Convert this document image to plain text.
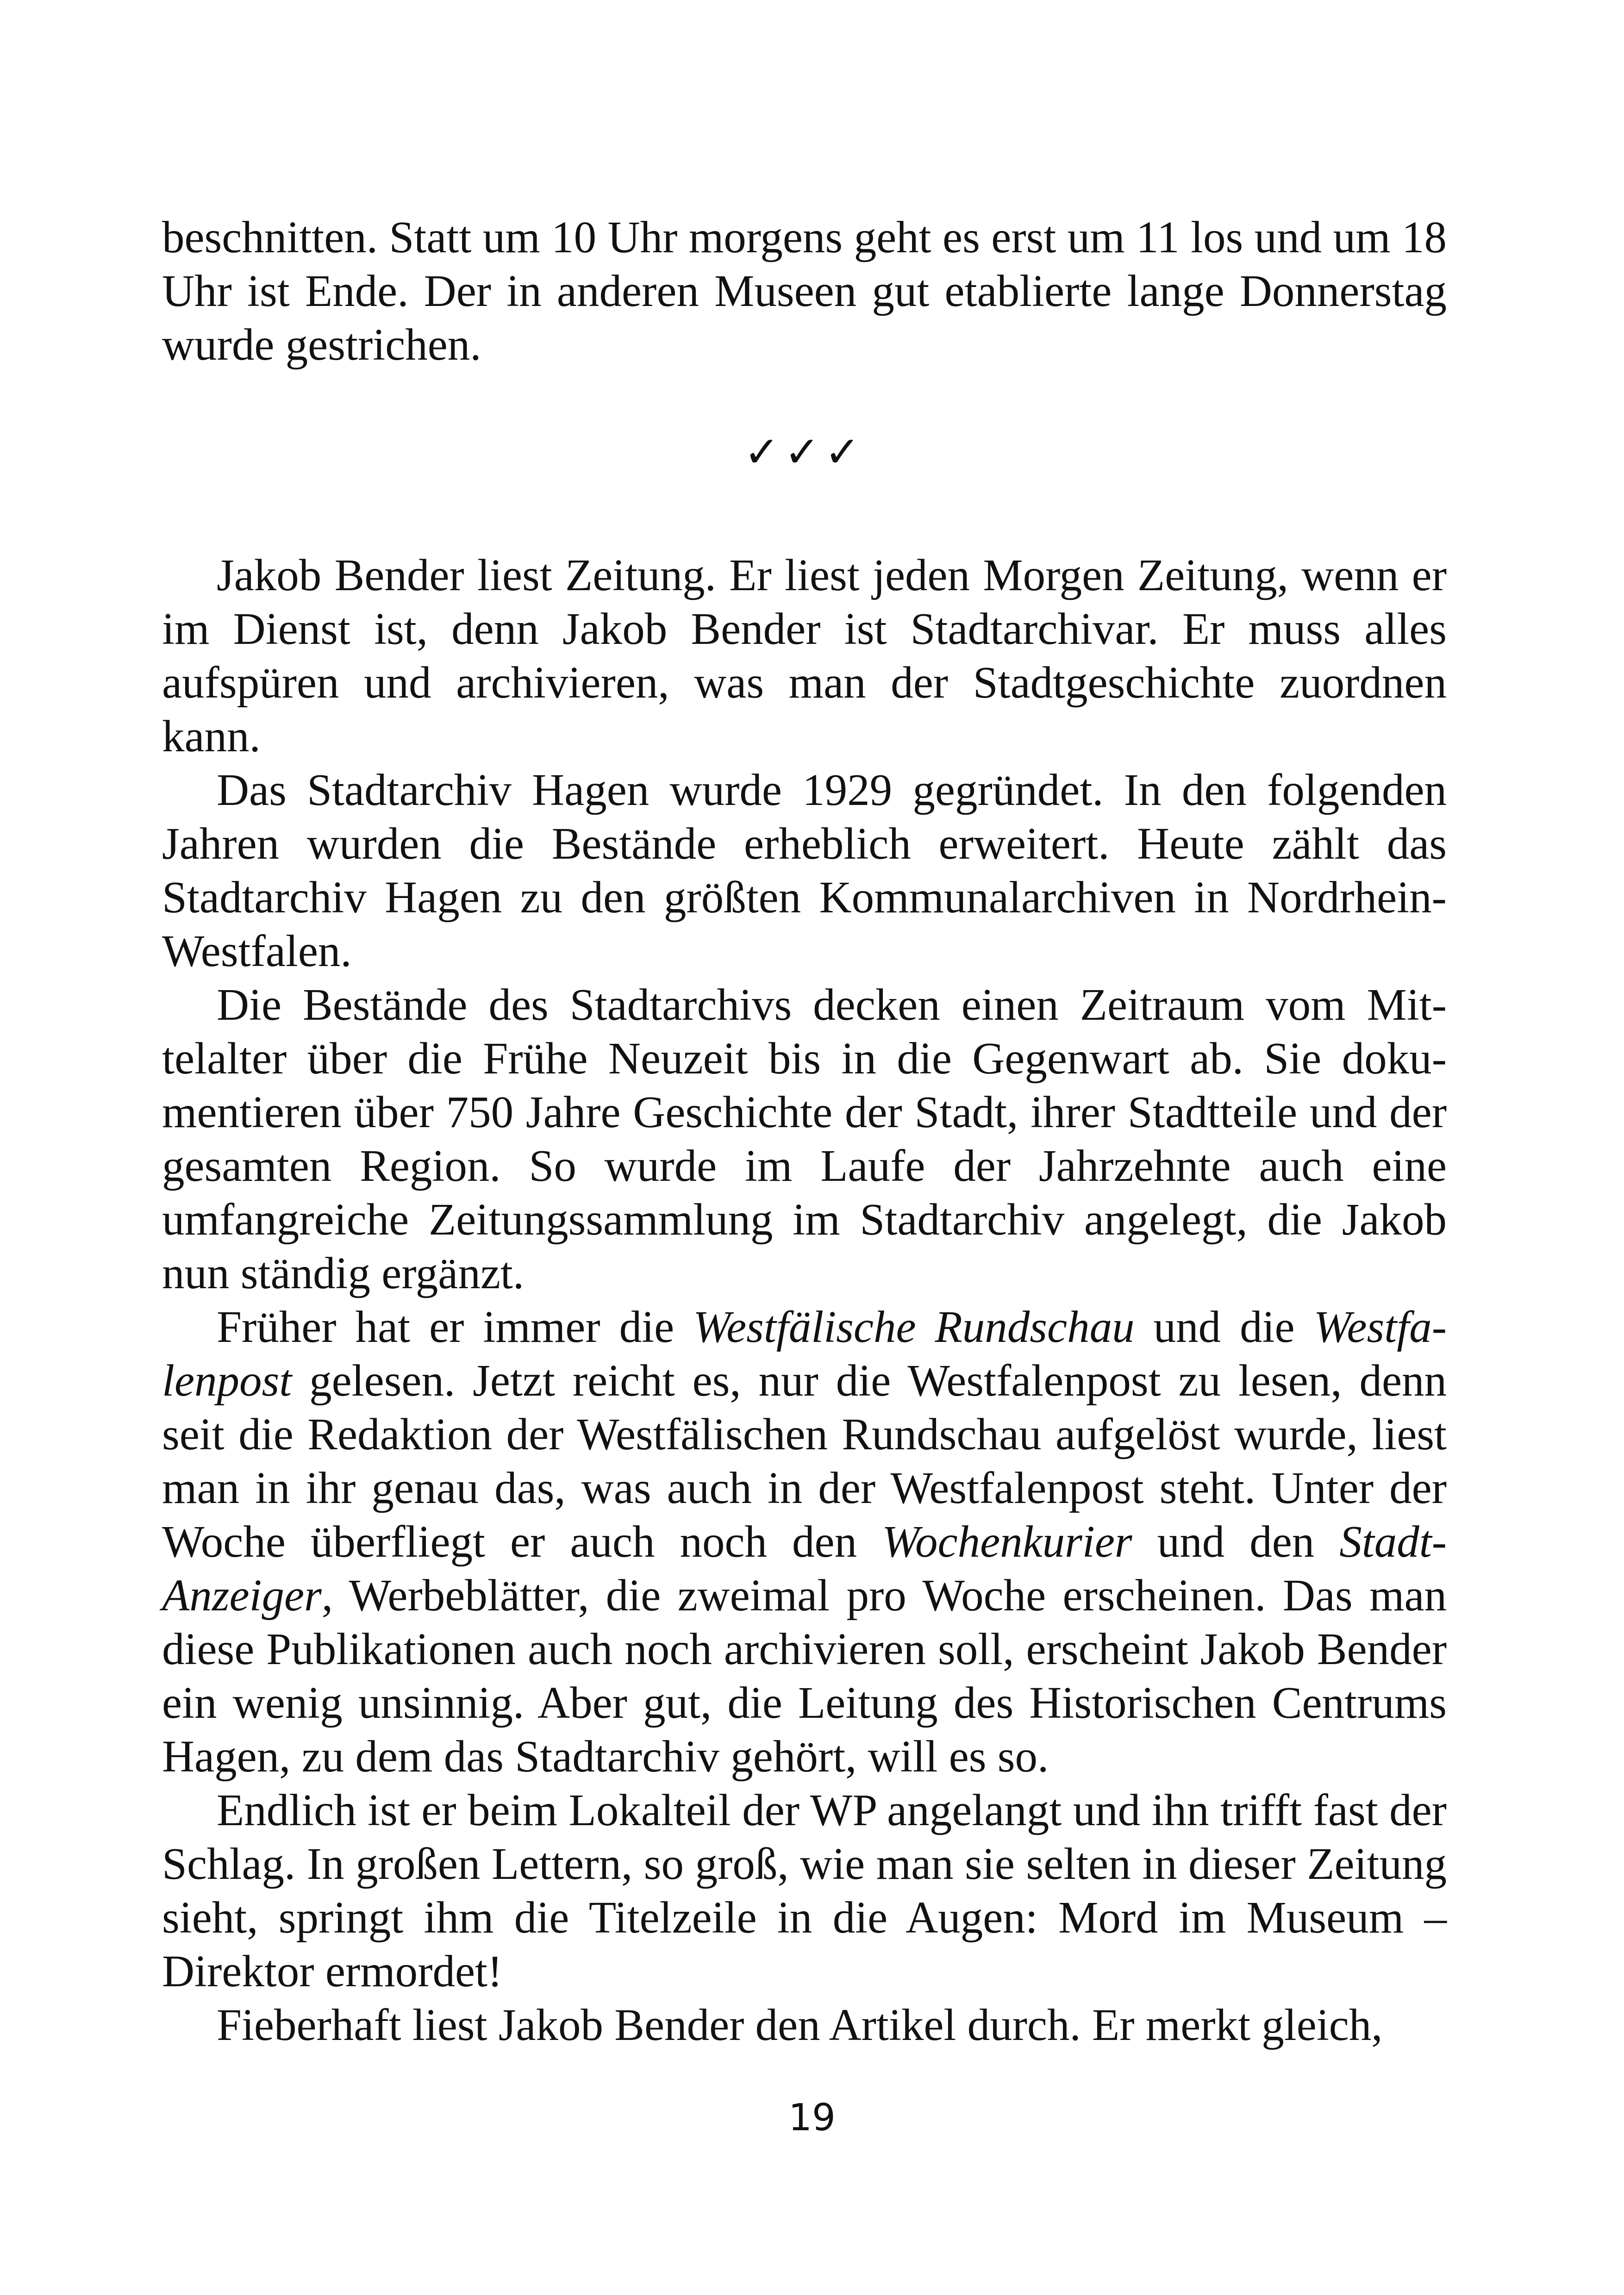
beschnitten. Statt um 10 Uhr morgens geht es erst um 11 los und um 18 Uhr ist Ende. Der in anderen Museen gut etablierte lange Donnerstag wurde gestrichen.

✓✓✓

Jakob Bender liest Zeitung. Er liest jeden Morgen Zeitung, wenn er im Dienst ist, denn Jakob Bender ist Stadtarchivar. Er muss alles aufspüren und archivieren, was man der Stadtgeschichte zuordnen kann.

Das Stadtarchiv Hagen wurde 1929 gegründet. In den folgenden Jahren wurden die Bestände erheblich erweitert. Heute zählt das Stadtarchiv Hagen zu den größten Kommunalarchiven in Nordrhein-Westfalen.

Die Bestände des Stadtarchivs decken einen Zeitraum vom Mittelalter über die Frühe Neuzeit bis in die Gegenwart ab. Sie dokumentieren über 750 Jahre Geschichte der Stadt, ihrer Stadtteile und der gesamten Region. So wurde im Laufe der Jahrzehnte auch eine umfangreiche Zeitungssammlung im Stadtarchiv angelegt, die Jakob nun ständig ergänzt.

Früher hat er immer die Westfälische Rundschau und die Westfalenpost gelesen. Jetzt reicht es, nur die Westfalenpost zu lesen, denn seit die Redaktion der Westfälischen Rundschau aufgelöst wurde, liest man in ihr genau das, was auch in der Westfalenpost steht. Unter der Woche überfliegt er auch noch den Wochenkurier und den Stadt-Anzeiger, Werbeblätter, die zweimal pro Woche erscheinen. Das man diese Publikationen auch noch archivieren soll, erscheint Jakob Bender ein wenig unsinnig. Aber gut, die Leitung des Historischen Centrums Hagen, zu dem das Stadtarchiv gehört, will es so.

Endlich ist er beim Lokalteil der WP angelangt und ihn trifft fast der Schlag. In großen Lettern, so groß, wie man sie selten in dieser Zeitung sieht, springt ihm die Titelzeile in die Augen: Mord im Museum – Direktor ermordet!

Fieberhaft liest Jakob Bender den Artikel durch. Er merkt gleich,

19
